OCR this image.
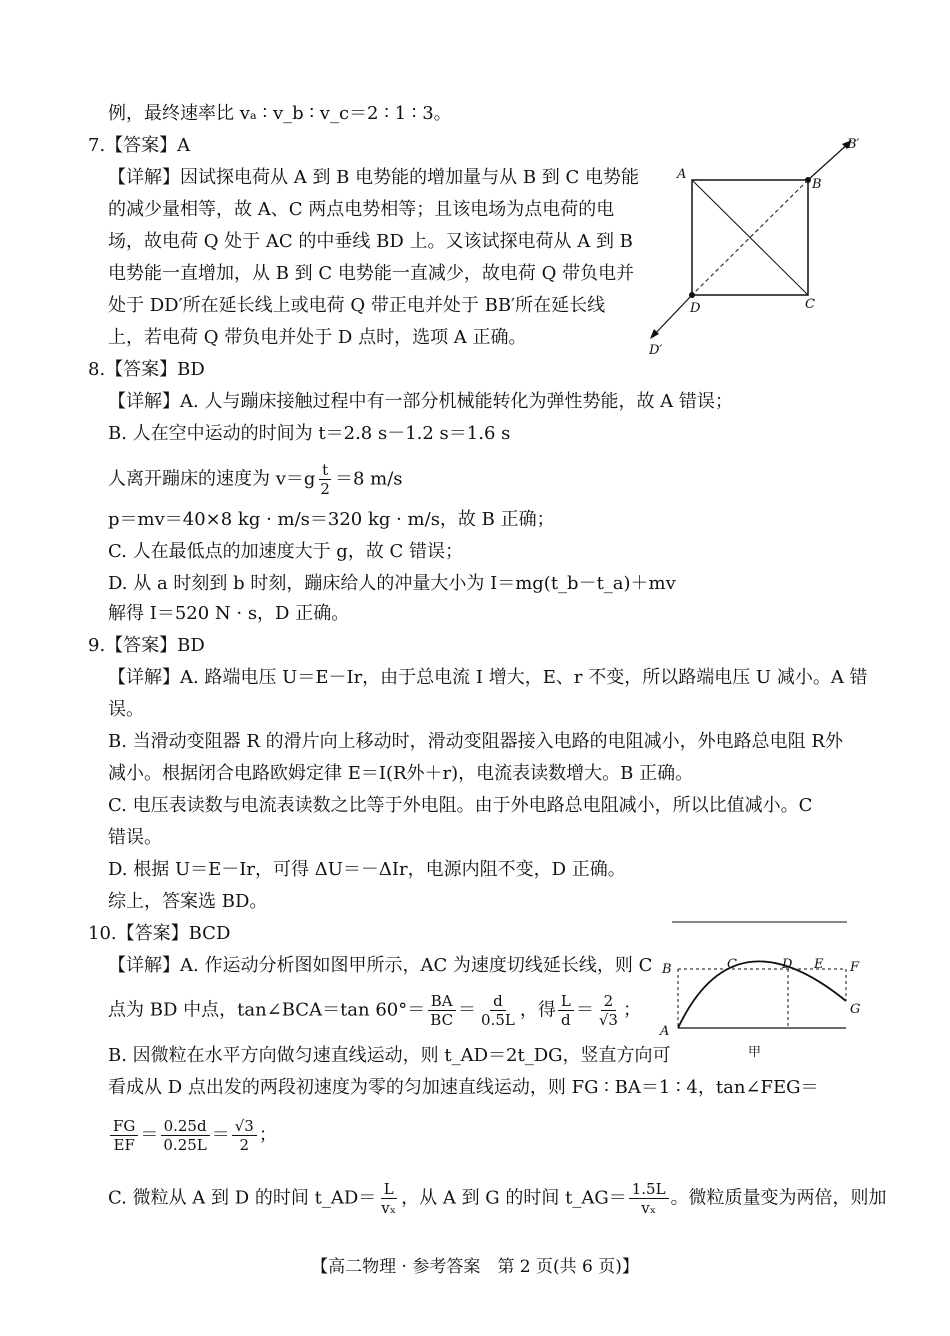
例，最终速率比 vₐ ∶ v_b ∶ v_c＝2 ∶ 1 ∶ 3。
7.【答案】A
【详解】因试探电荷从 A 到 B 电势能的增加量与从 B 到 C 电势能
的减少量相等，故 A、C 两点电势相等；且该电场为点电荷的电
场，故电荷 Q 处于 AC 的中垂线 BD 上。又该试探电荷从 A 到 B
电势能一直增加，从 B 到 C 电势能一直减少，故电荷 Q 带负电并
处于 DD′所在延长线上或电荷 Q 带正电并处于 BB′所在延长线
上，若电荷 Q 带负电并处于 D 点时，选项 A 正确。
A
B
C
D
B′
D′
8.【答案】BD
【详解】A. 人与蹦床接触过程中有一部分机械能转化为弹性势能，故 A 错误；
B. 人在空中运动的时间为 t＝2.8 s－1.2 s＝1.6 s
人离开蹦床的速度为 $v=g \frac{t}{2} =8$ m/s
p＝mv＝40×8 kg · m/s＝320 kg · m/s，故 B 正确；
C. 人在最低点的加速度大于 g，故 C 错误；
D. 从 a 时刻到 b 时刻，蹦床给人的冲量大小为 I＝mg(t_b－t_a)＋mv
解得 I＝520 N · s，D 正确。
9.【答案】BD
【详解】A. 路端电压 U＝E－Ir，由于总电流 I 增大，E、r 不变，所以路端电压 U 减小。A 错
误。
B. 当滑动变阻器 R 的滑片向上移动时，滑动变阻器接入电路的电阻减小，外电路总电阻 R外
减小。根据闭合电路欧姆定律 E＝I(R外＋r)，电流表读数增大。B 正确。
C. 电压表读数与电流表读数之比等于外电阻。由于外电路总电阻减小，所以比值减小。C
错误。
D. 根据 U＝E－Ir，可得 ΔU＝－ΔIr，电源内阻不变，D 正确。
综上，答案选 BD。
10.【答案】BCD
【详解】A. 作运动分析图如图甲所示，AC 为速度切线延长线，则 C
点为 BD 中点，tan∠BCA＝tan $60^\circ= \frac{BA}{BC} = \frac{d}{0.5L}$ ，得 $\frac{L}{d} = \frac{2}{√3}$ ；
B. 因微粒在水平方向做匀速直线运动，则 t_AD＝2t_DG，竖直方向可
看成从 D 点出发的两段初速度为零的匀加速直线运动，则 FG ∶ BA＝1 ∶ 4，tan∠FEG＝
$\frac{FG}{EF} = \frac{0.25d}{0.25L} = \frac{√3}{2}$ ；
C. 微粒从 A 到 D 的时间 t_AD＝ $\frac{L}{\text{vₓ}}$ ，从 A 到 G 的时间 t_AG＝ $\frac{1.5L}{\text{vₓ}}$ 。微粒质量变为两倍，则加
B	C	D E F
A
G
甲
【高二物理 · 参考答案　第 2 页(共 6 页)】
